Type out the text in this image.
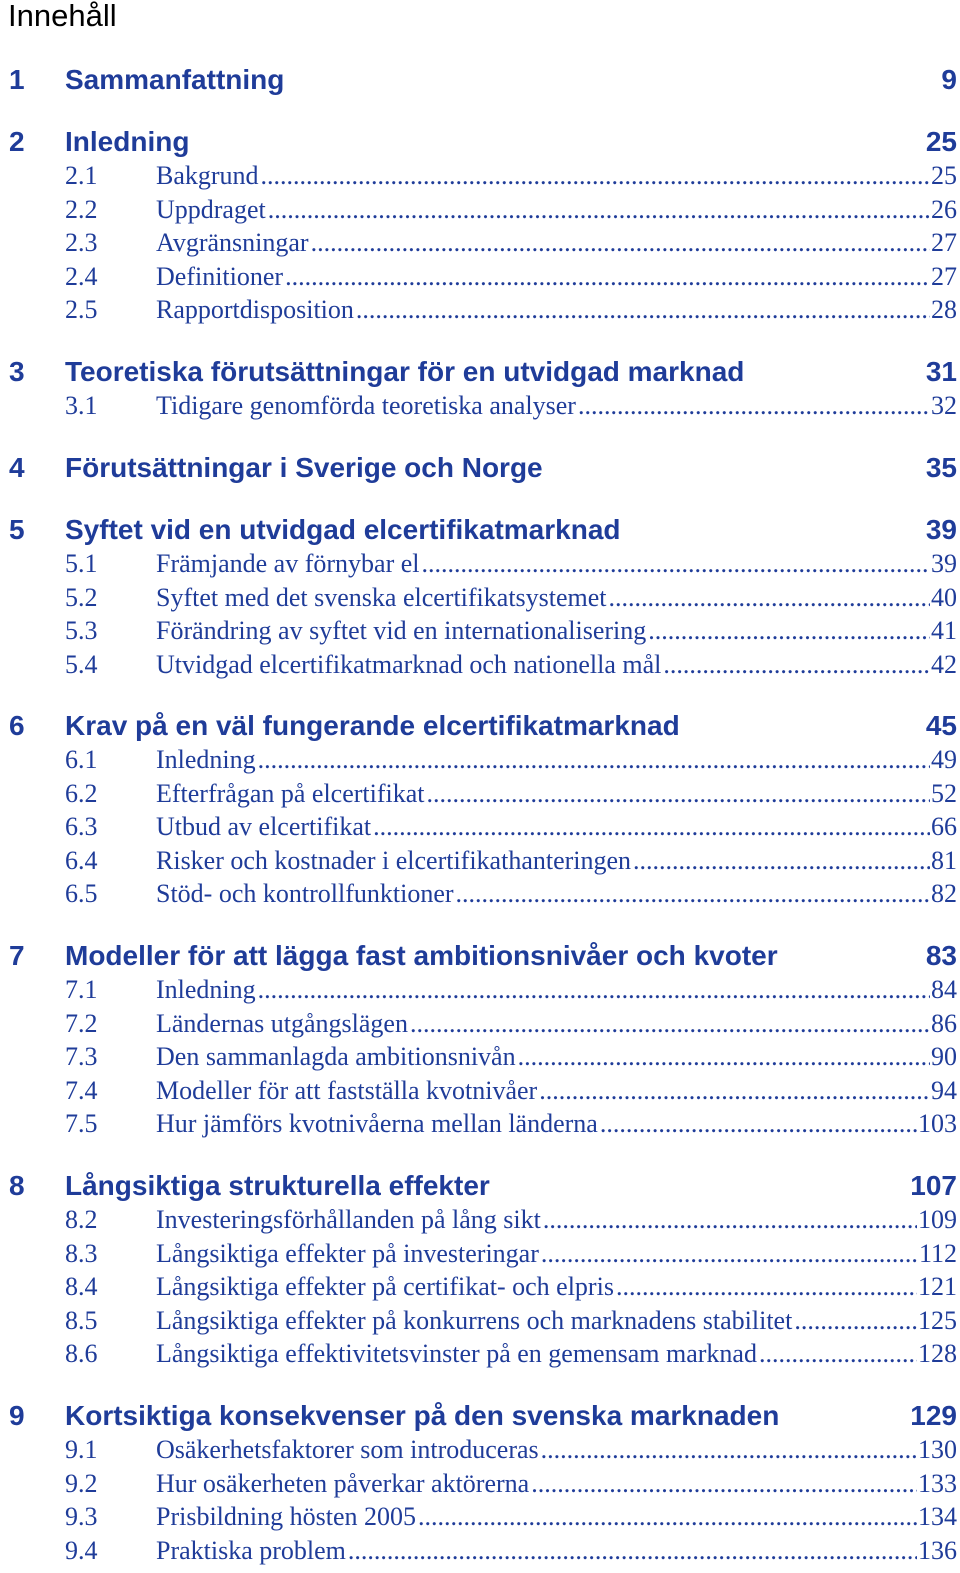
Innehåll
1 Sammanfattning	9
2 Inledning	25
2.1 Bakgrund .....	25
2.2 Uppdraget .....	26
2.3 Avgränsningar .....	27
2.4 Definitioner .....	27
2.5 Rapportdisposition .....	28
3 Teoretiska förutsättningar för en utvidgad marknad	31
3.1 Tidigare genomförda teoretiska analyser .....	32
4 Förutsättningar i Sverige och Norge	35
5 Syftet vid en utvidgad elcertifikatmarknad	39
5.1 Främjande av förnybar el .....	39
5.2 Syftet med det svenska elcertifikatsystemet .....	40
5.3 Förändring av syftet vid en internationalisering .....	41
5.4 Utvidgad elcertifikatmarknad och nationella mål .....	42
6 Krav på en väl fungerande elcertifikatmarknad	45
6.1 Inledning .....	49
6.2 Efterfrågan på elcertifikat .....	52
6.3 Utbud av elcertifikat .....	66
6.4 Risker och kostnader i elcertifikathanteringen .....	81
6.5 Stöd- och kontrollfunktioner .....	82
7 Modeller för att lägga fast ambitionsnivåer och kvoter	83
7.1 Inledning .....	84
7.2 Ländernas utgångslägen .....	86
7.3 Den sammanlagda ambitionsnivån .....	90
7.4 Modeller för att fastställa kvotnivåer .....	94
7.5 Hur jämförs kvotnivåerna mellan länderna .....	103
8 Långsiktiga strukturella effekter	107
8.2 Investeringsförhållanden på lång sikt .....	109
8.3 Långsiktiga effekter på investeringar .....	112
8.4 Långsiktiga effekter på certifikat- och elpris .....	121
8.5 Långsiktiga effekter på konkurrens och marknadens stabilitet .....	125
8.6 Långsiktiga effektivitetsvinster på en gemensam marknad .....	128
9 Kortsiktiga konsekvenser på den svenska marknaden	129
9.1 Osäkerhetsfaktorer som introduceras .....	130
9.2 Hur osäkerheten påverkar aktörerna .....	133
9.3 Prisbildning hösten 2005 .....	134
9.4 Praktiska problem .....	136
